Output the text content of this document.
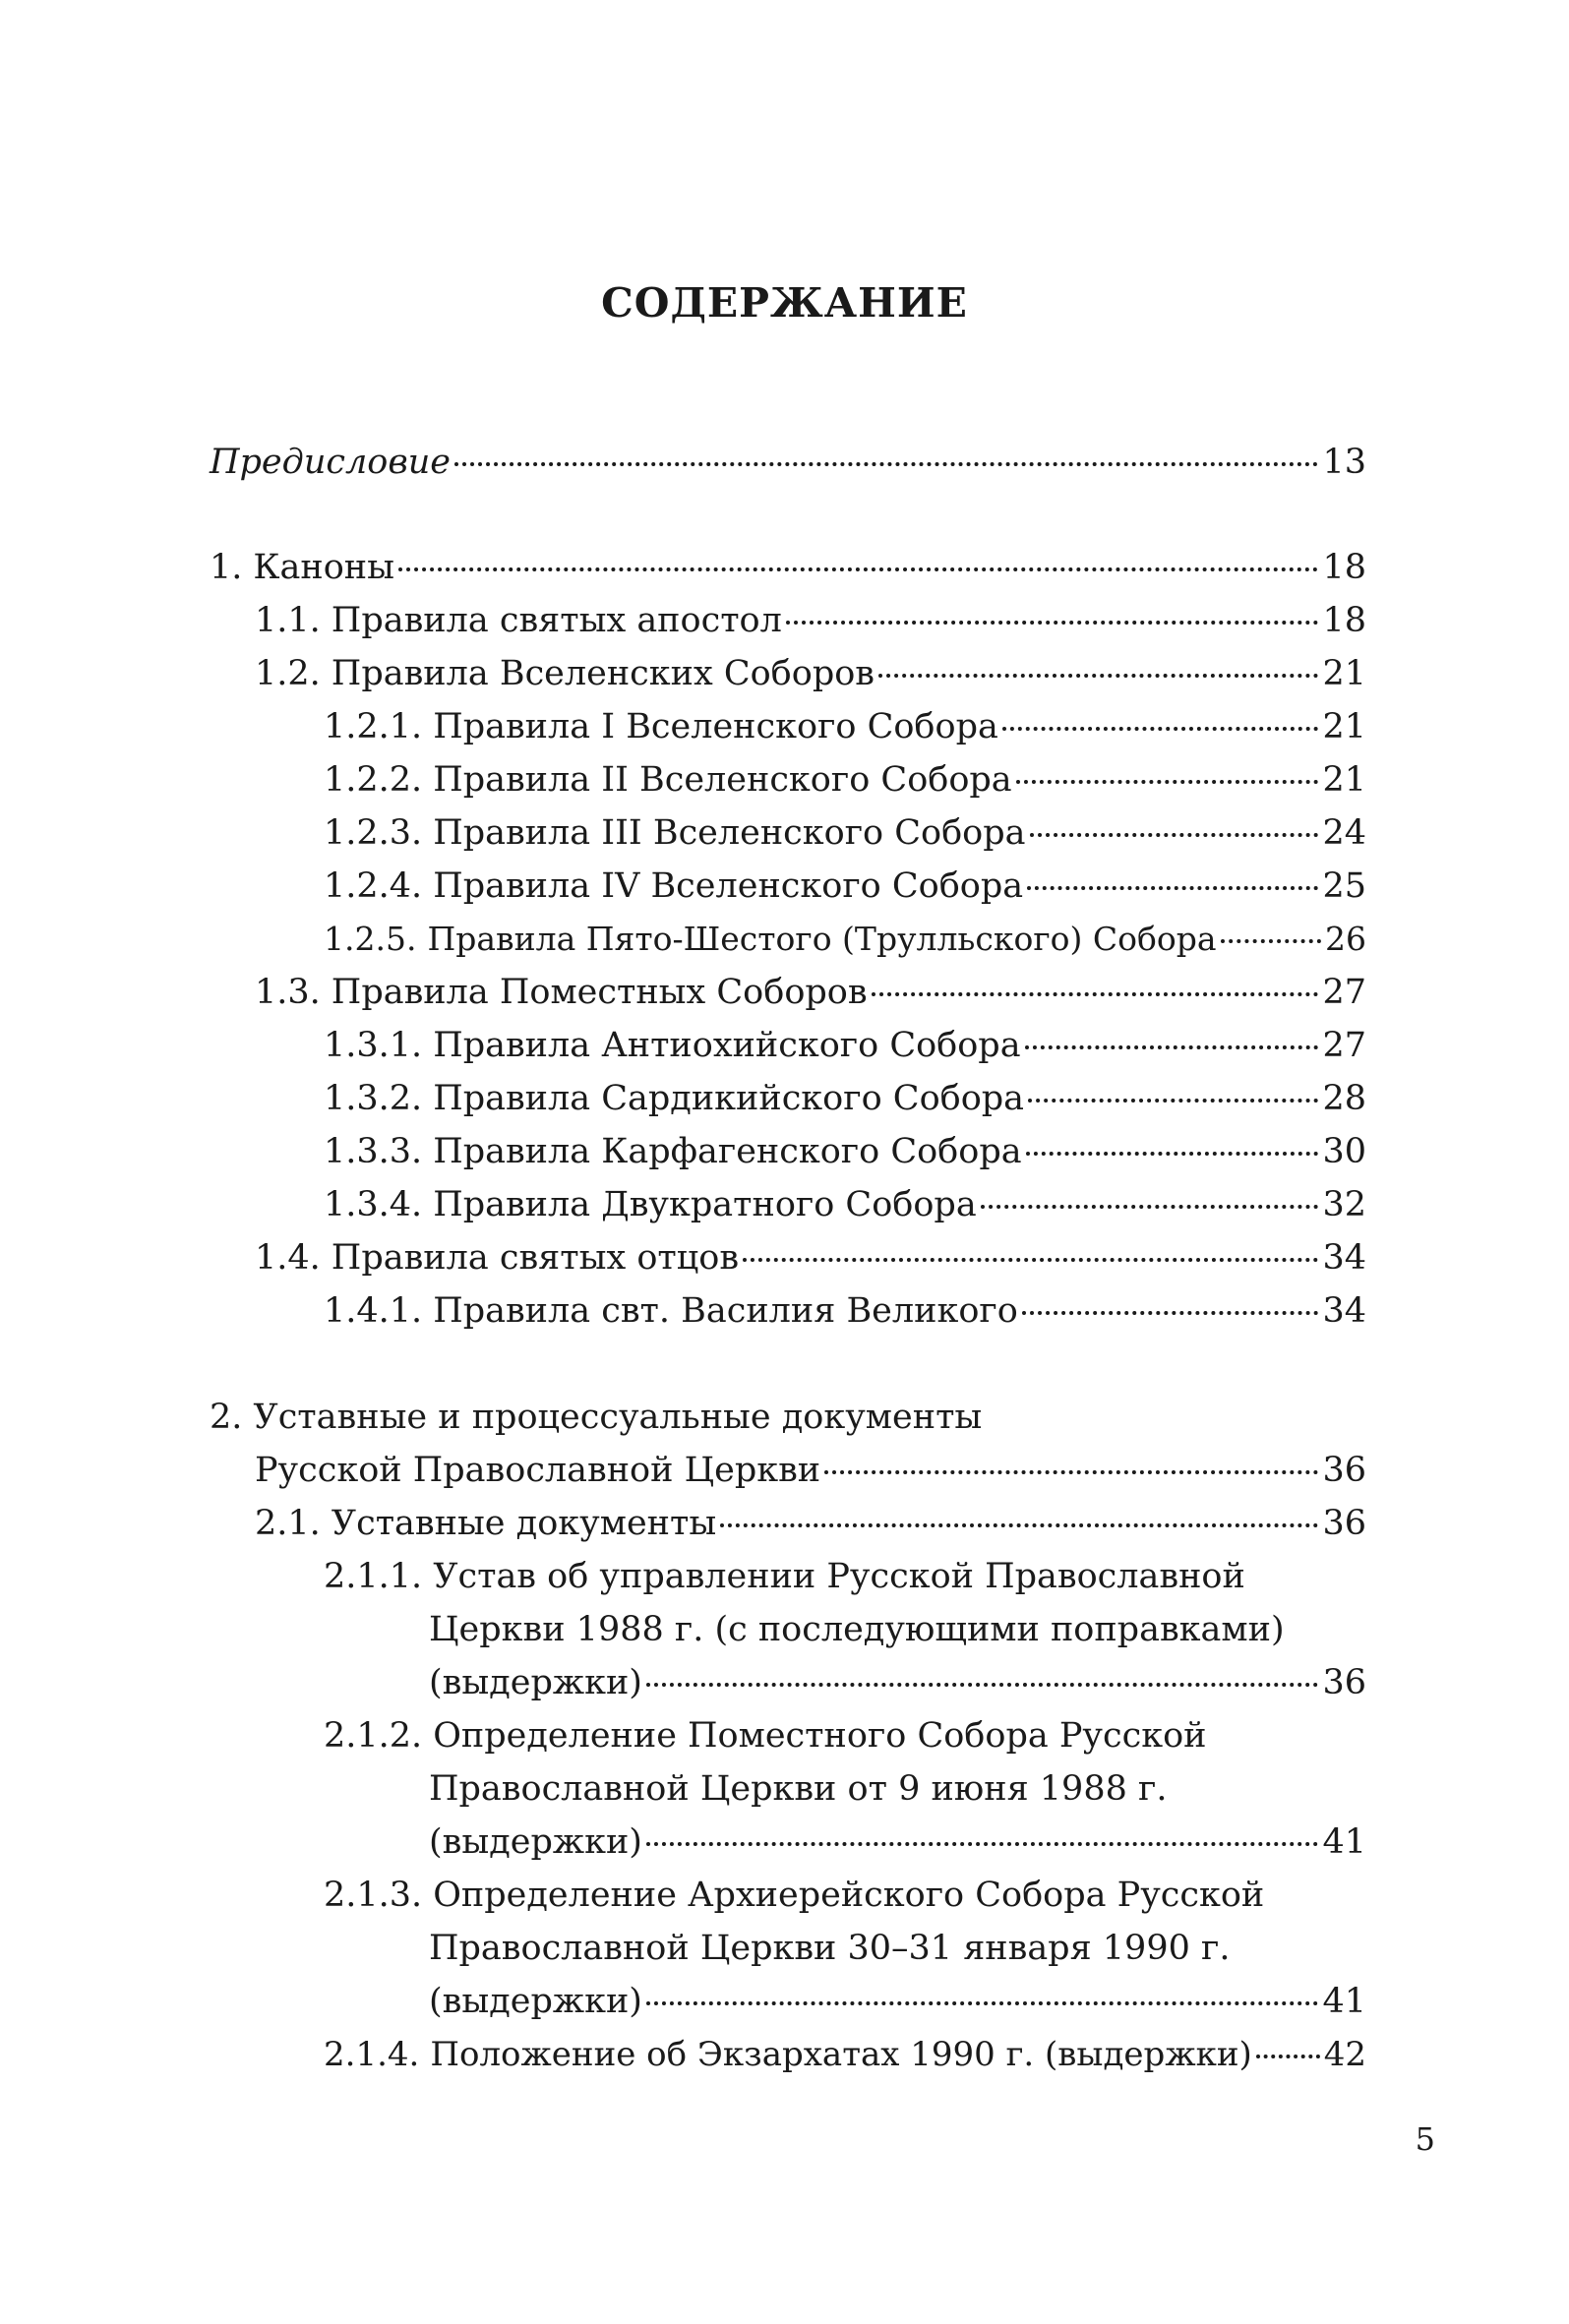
СОДЕРЖАНИЕ
Предисловие	13
1. Каноны	18
1.1. Правила святых апостол	18
1.2. Правила Вселенских Соборов	21
1.2.1. Правила I Вселенского Собора	21
1.2.2. Правила II Вселенского Собора	21
1.2.3. Правила III Вселенского Собора	24
1.2.4. Правила IV Вселенского Собора	25
1.2.5. Правила Пято-Шестого (Трулльского) Собора	26
1.3. Правила Поместных Соборов	27
1.3.1. Правила Антиохийского Собора	27
1.3.2. Правила Сардикийского Собора	28
1.3.3. Правила Карфагенского Собора	30
1.3.4. Правила Двукратного Собора	32
1.4. Правила святых отцов	34
1.4.1. Правила свт. Василия Великого	34
2. Уставные и процессуальные документы
Русской Православной Церкви	36
2.1. Уставные документы	36
2.1.1. Устав об управлении Русской Православной
Церкви 1988 г. (с последующими поправками)
(выдержки)	36
2.1.2. Определение Поместного Собора Русской
Православной Церкви от 9 июня 1988 г.
(выдержки)	41
2.1.3. Определение Архиерейского Собора Русской
Православной Церкви 30–31 января 1990 г.
(выдержки)	41
2.1.4. Положение об Экзархатах 1990 г. (выдержки) 42

5
